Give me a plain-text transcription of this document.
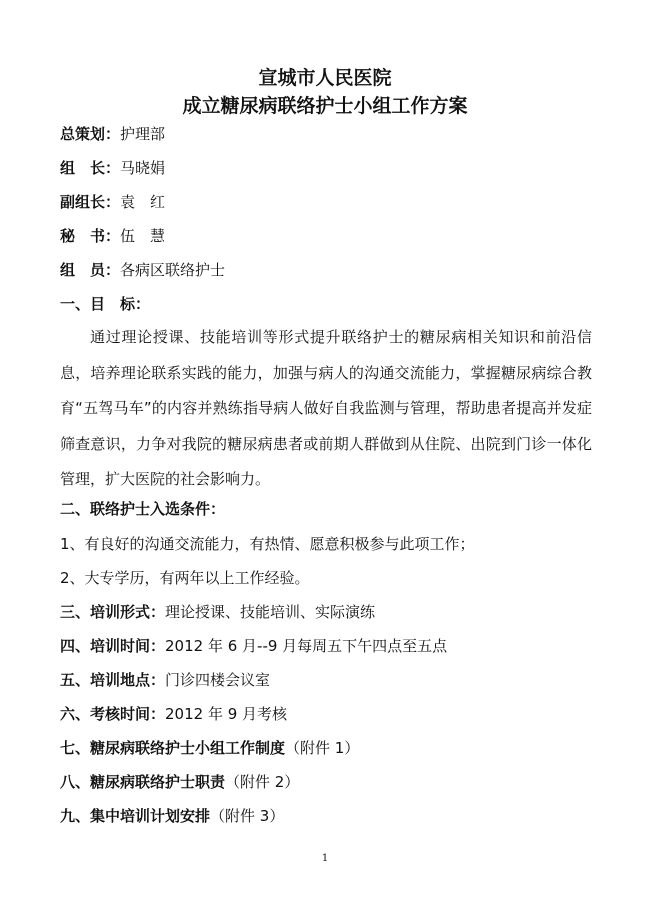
宣城市人民医院
成立糖尿病联络护士小组工作方案
总策划：护理部
组　长：马晓娟
副组长：袁　红
秘　书：伍　慧
组　员：各病区联络护士
一、目　标：
通过理论授课、技能培训等形式提升联络护士的糖尿病相关知识和前沿信息，培养理论联系实践的能力，加强与病人的沟通交流能力，掌握糖尿病综合教育“五驾马车”的内容并熟练指导病人做好自我监测与管理，帮助患者提高并发症筛查意识，力争对我院的糖尿病患者或前期人群做到从住院、出院到门诊一体化管理，扩大医院的社会影响力。
二、联络护士入选条件：
1、有良好的沟通交流能力，有热情、愿意积极参与此项工作；
2、大专学历，有两年以上工作经验。
三、培训形式：理论授课、技能培训、实际演练
四、培训时间：2012 年 6 月--9 月每周五下午四点至五点
五、培训地点：门诊四楼会议室
六、考核时间：2012 年 9 月考核
七、糖尿病联络护士小组工作制度（附件 1）
八、糖尿病联络护士职责（附件 2）
九、集中培训计划安排（附件 3）
1
